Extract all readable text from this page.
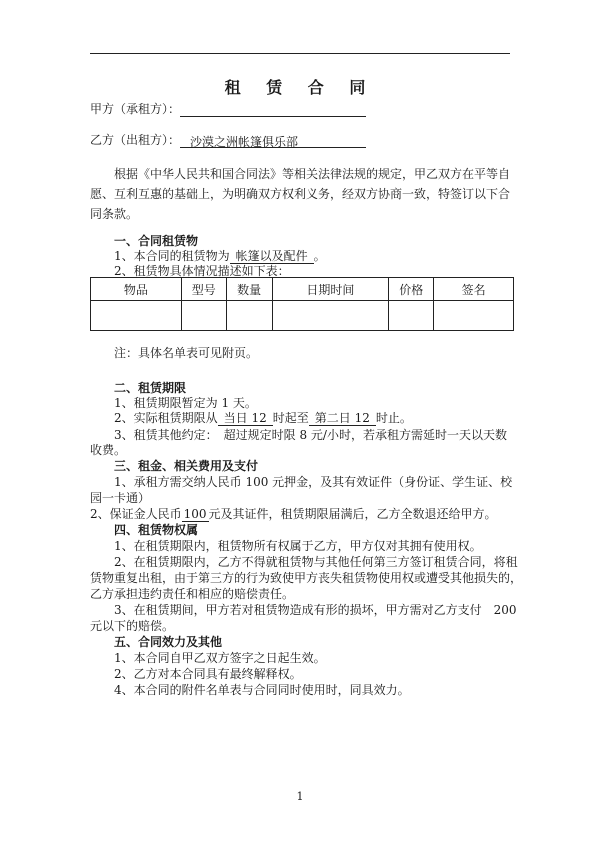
租 赁 合 同
甲方（承租方）：
乙方（出租方）： 沙漠之洲帐篷俱乐部
根据《中华人民共和国合同法》等相关法律法规的规定，甲乙双方在平等自愿、互利互惠的基础上，为明确双方权利义务，经双方协商一致，特签订以下合同条款。
一、合同租赁物
1、本合同的租赁物为 帐篷以及配件 。
2、租赁物具体情况描述如下表：
物品	型号	数量	日期时间	价格	签名

注：具体名单表可见附页。
二、租赁期限
1、租赁期限暂定为 1 天。
2、实际租赁期限从 当日 12 时起至 第二日 12 时止。
3、租赁其他约定：　超过规定时限 8 元/小时，若承租方需延时一天以天数
收费。
三、租金、相关费用及支付
1、承租方需交纳人民币 100 元押金，及其有效证件（身份证、学生证、校
园一卡通）
2、保证金人民币 100 元及其证件，租赁期限届满后，乙方全数退还给甲方。
四、租赁物权属
1、在租赁期限内，租赁物所有权属于乙方，甲方仅对其拥有使用权。
2、在租赁期限内，乙方不得就租赁物与其他任何第三方签订租赁合同，将租
赁物重复出租，由于第三方的行为致使甲方丧失租赁物使用权或遭受其他损失的，
乙方承担违约责任和相应的赔偿责任。
3、在租赁期间，甲方若对租赁物造成有形的损坏，甲方需对乙方支付　200
元以下的赔偿。
五、合同效力及其他
1、本合同自甲乙双方签字之日起生效。
2、乙方对本合同具有最终解释权。
4、本合同的附件名单表与合同同时使用时，同具效力。
1
